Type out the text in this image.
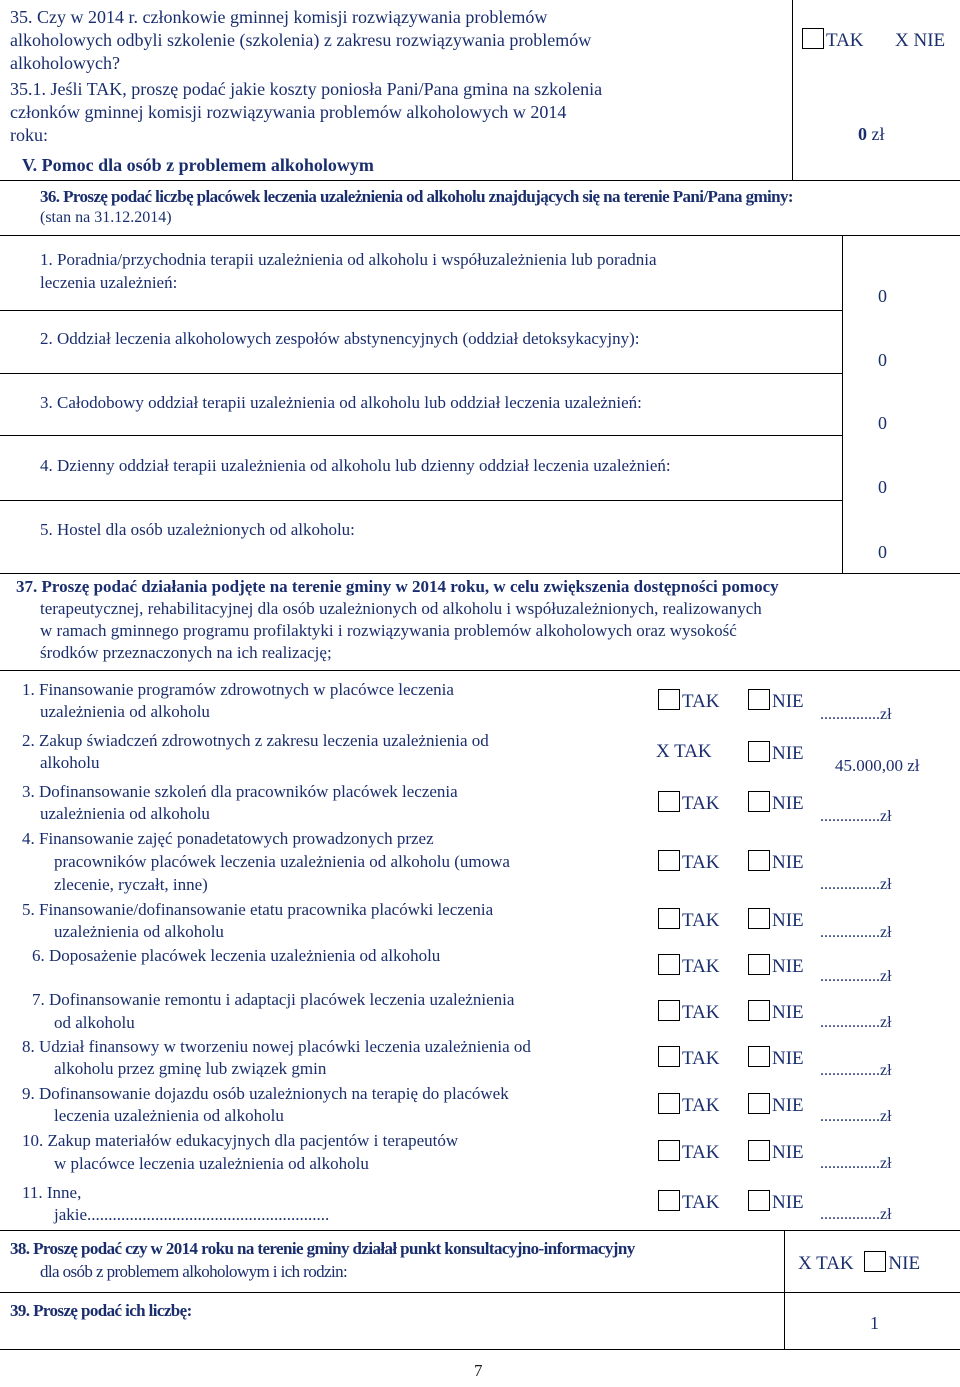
35. Czy w 2014 r. członkowie gminnej komisji rozwiązywania problemów
alkoholowych odbyli szkolenie (szkolenia) z zakresu rozwiązywania problemów
alkoholowych?
TAK X NIE
35.1. Jeśli TAK, proszę podać jakie koszty poniosła Pani/Pana gmina na szkolenia
członków gminnej komisji rozwiązywania problemów alkoholowych w 2014
roku:	0 zł
V. Pomoc dla osób z problemem alkoholowym
36. Proszę podać liczbę placówek leczenia uzależnienia od alkoholu znajdujących się na terenie Pani/Pana gminy:
(stan na 31.12.2014)
1. Poradnia/przychodnia terapii uzależnienia od alkoholu i współuzależnienia lub poradnia
leczenia uzależnień:
0
2. Oddział leczenia alkoholowych zespołów abstynencyjnych (oddział detoksykacyjny):
0
3. Całodobowy oddział terapii uzależnienia od alkoholu lub oddział leczenia uzależnień:
0
4. Dzienny oddział terapii uzależnienia od alkoholu lub dzienny oddział leczenia uzależnień:
0
5. Hostel dla osób uzależnionych od alkoholu:
0
37. Proszę podać działania podjęte na terenie gminy w 2014 roku, w celu zwiększenia dostępności pomocy
terapeutycznej, rehabilitacyjnej dla osób uzależnionych od alkoholu i współuzależnionych, realizowanych
w ramach gminnego programu profilaktyki i rozwiązywania problemów alkoholowych oraz wysokość
środków przeznaczonych na ich realizację;
1. Finansowanie programów zdrowotnych w placówce leczenia
uzależnienia od alkoholu	TAK	NIE
...............zł
2. Zakup świadczeń zdrowotnych z zakresu leczenia uzależnienia od
alkoholu
X TAK	NIE
45.000,00 zł
3. Dofinansowanie szkoleń dla pracowników placówek leczenia
uzależnienia od alkoholu	TAK	NIE
...............zł
4. Finansowanie zajęć ponadetatowych prowadzonych przez
pracowników placówek leczenia uzależnienia od alkoholu (umowa
zlecenie, ryczałt, inne)
TAK	NIE
...............zł
5. Finansowanie/dofinansowanie etatu pracownika placówki leczenia
uzależnienia od alkoholu
TAK	NIE
...............zł
6. Doposażenie placówek leczenia uzależnienia od alkoholu
TAK	NIE ...............zł
7. Dofinansowanie remontu i adaptacji placówek leczenia uzależnienia
od alkoholu	TAK	NIE ...............zł
8. Udział finansowy w tworzeniu nowej placówki leczenia uzależnienia od
alkoholu przez gminę lub związek gmin	TAK	NIE
...............zł
9. Dofinansowanie dojazdu osób uzależnionych na terapię do placówek
leczenia uzależnienia od alkoholu	TAK	NIE
...............zł
10. Zakup materiałów edukacyjnych dla pacjentów i terapeutów
w placówce leczenia uzależnienia od alkoholu
TAK	NIE
...............zł
11. Inne,
jakie.........................................................
TAK	NIE
...............zł
38. Proszę podać czy w 2014 roku na terenie gminy działał punkt konsultacyjno-informacyjny
dla osób z problemem alkoholowym i ich rodzin:	X TAK NIE
39. Proszę podać ich liczbę:
1
7
